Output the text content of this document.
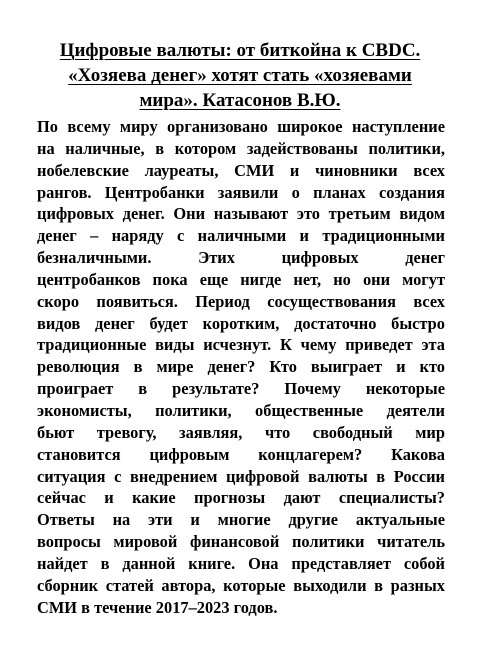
Цифровые валюты: от биткойна к CBDC.
«Хозяева денег» хотят стать «хозяевами
мира». Катасонов В.Ю.

По всему миру организовано широкое наступление
на наличные, в котором задействованы политики,
нобелевские лауреаты, СМИ и чиновники всех
рангов. Центробанки заявили о планах создания
цифровых денег. Они называют это третьим видом
денег – наряду с наличными и традиционными
безналичными. Этих цифровых денег
центробанков пока еще нигде нет, но они могут
скоро появиться. Период сосуществования всех
видов денег будет коротким, достаточно быстро
традиционные виды исчезнут. К чему приведет эта
революция в мире денег? Кто выиграет и кто
проиграет в результате? Почему некоторые
экономисты, политики, общественные деятели
бьют тревогу, заявляя, что свободный мир
становится цифровым концлагерем? Какова
ситуация с внедрением цифровой валюты в России
сейчас и какие прогнозы дают специалисты?
Ответы на эти и многие другие актуальные
вопросы мировой финансовой политики читатель
найдет в данной книге. Она представляет собой
сборник статей автора, которые выходили в разных
СМИ в течение 2017–2023 годов.
